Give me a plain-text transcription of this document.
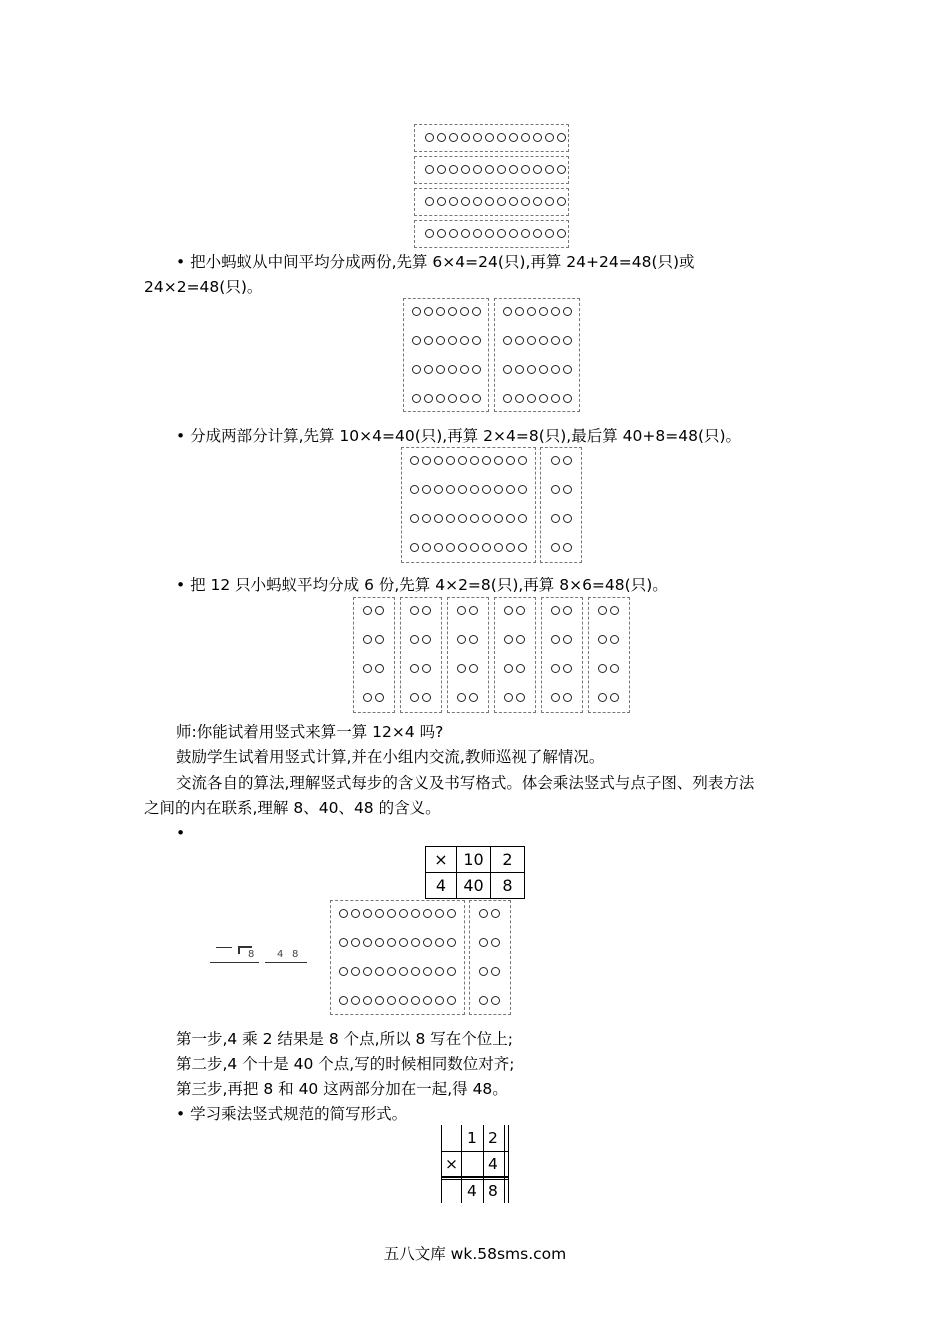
• 把小蚂蚁从中间平均分成两份,先算 6×4=24(只),再算 24+24=48(只)或
24×2=48(只)。
• 分成两部分计算,先算 10×4=40(只),再算 2×4=8(只),最后算 40+8=48(只)。
• 把 12 只小蚂蚁平均分成 6 份,先算 4×2=8(只),再算 8×6=48(只)。
师:你能试着用竖式来算一算 12×4 吗?
鼓励学生试着用竖式计算,并在小组内交流,教师巡视了解情况。
交流各自的算法,理解竖式每步的含义及书写格式。体会乘法竖式与点子图、列表方法
之间的内在联系,理解 8、40、48 的含义。
•
× 10	2
4	40	8
8 4 8
第一步,4 乘 2 结果是 8 个点,所以 8 写在个位上;
第二步,4 个十是 40 个点,写的时候相同数位对齐;
第三步,再把 8 和 40 这两部分加在一起,得 48。
• 学习乘法竖式规范的简写形式。
1 2
× 4
4 8
五八文库 wk.58sms.com
